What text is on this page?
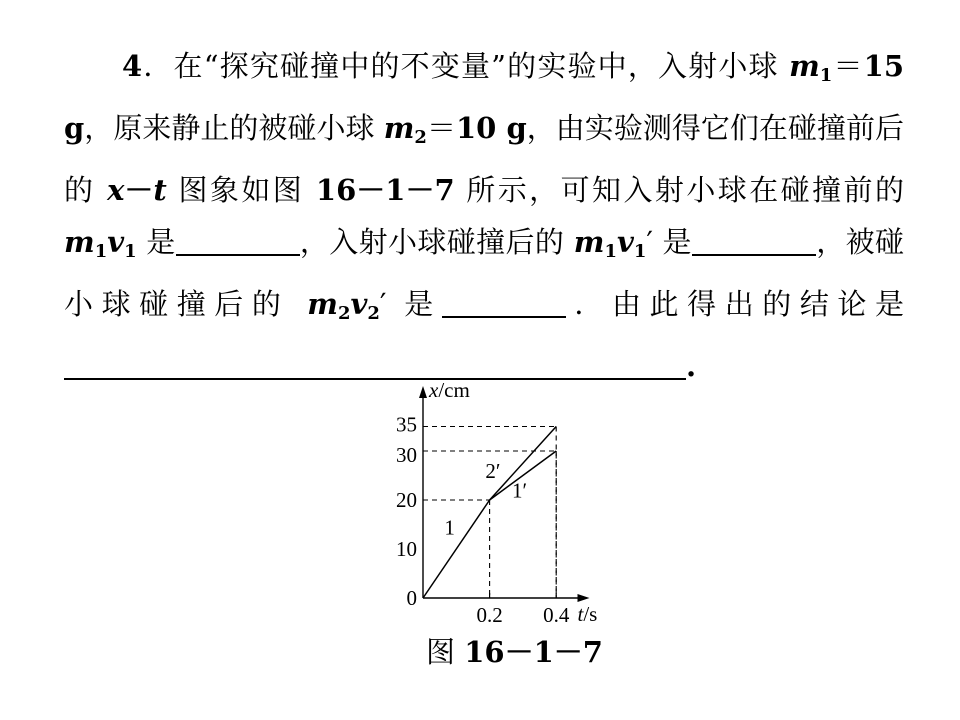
4．在“探究碰撞中的不变量”的实验中，入射小球 $m_1=15$ g，原来静止的被碰小球 $m_2=10$ g，由实验测得它们在碰撞前后的 x－t 图象如图 16－1－7 所示，可知入射小球在碰撞前的 $m_1v_1$ 是	，入射小球碰撞后的 $m_1v_1'$ 是	，被碰小球碰撞后的 $m_2v_2'$ 是	．由此得出的结论是.

x/cm
t/s
0
10
20
30
35
0.2 0.4
1
1′
2′
图 16－1－7
